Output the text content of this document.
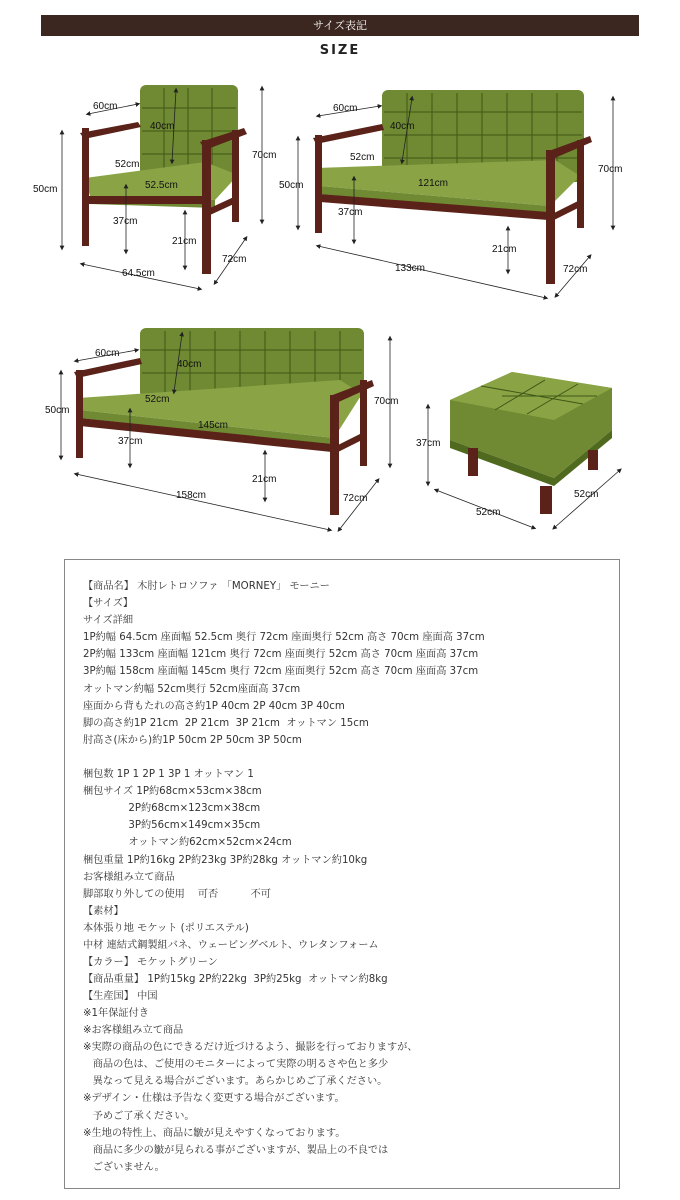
サイズ表記
SIZE
60cm
40cm
70cm
50cm
52cm
52.5cm
37cm
21cm
64.5cm
72cm
60cm
40cm
70cm
50cm
52cm
121cm
37cm
21cm
133cm	72cm
60cm
40cm
70cm
50cm
52cm
145cm
37cm
21cm
158cm	72cm
37cm
52cm
52cm
【商品名】 木肘レトロソファ 「MORNEY」 モーニー
【サイズ】
サイズ詳細
1P約幅 64.5cm 座面幅 52.5cm 奥行 72cm 座面奥行 52cm 高さ 70cm 座面高 37cm
2P約幅 133cm 座面幅 121cm 奥行 72cm 座面奥行 52cm 高さ 70cm 座面高 37cm
3P約幅 158cm 座面幅 145cm 奥行 72cm 座面奥行 52cm 高さ 70cm 座面高 37cm
オットマン約幅 52cm奥行 52cm座面高 37cm
座面から背もたれの高さ約1P 40cm 2P 40cm 3P 40cm
脚の高さ約1P 21cm  2P 21cm  3P 21cm  オットマン 15cm
肘高さ(床から)約1P 50cm 2P 50cm 3P 50cm
梱包数 1P 1 2P 1 3P 1 オットマン 1
梱包サイズ 1P約68cm×53cm×38cm
2P約68cm×123cm×38cm
3P約56cm×149cm×35cm
オットマン約62cm×52cm×24cm
梱包重量 1P約16kg 2P約23kg 3P約28kg オットマン約10kg
お客様組み立て商品
脚部取り外しての使用    可否          不可
【素材】
本体張り地 モケット (ポリエステル)
中材 連結式鋼製組バネ、ウェービングベルト、ウレタンフォーム
【カラー】 モケットグリーン
【商品重量】 1P約15kg 2P約22kg  3P約25kg  オットマン約8kg
【生産国】 中国
※1年保証付き
※お客様組み立て商品
※実際の商品の色にできるだけ近づけるよう、撮影を行っておりますが、
商品の色は、ご使用のモニターによって実際の明るさや色と多少
異なって見える場合がございます。あらかじめご了承ください。
※デザイン・仕様は予告なく変更する場合がございます。
予めご了承ください。
※生地の特性上、商品に皺が見えやすくなっております。
商品に多少の皺が見られる事がございますが、製品上の不良では
ございません。
